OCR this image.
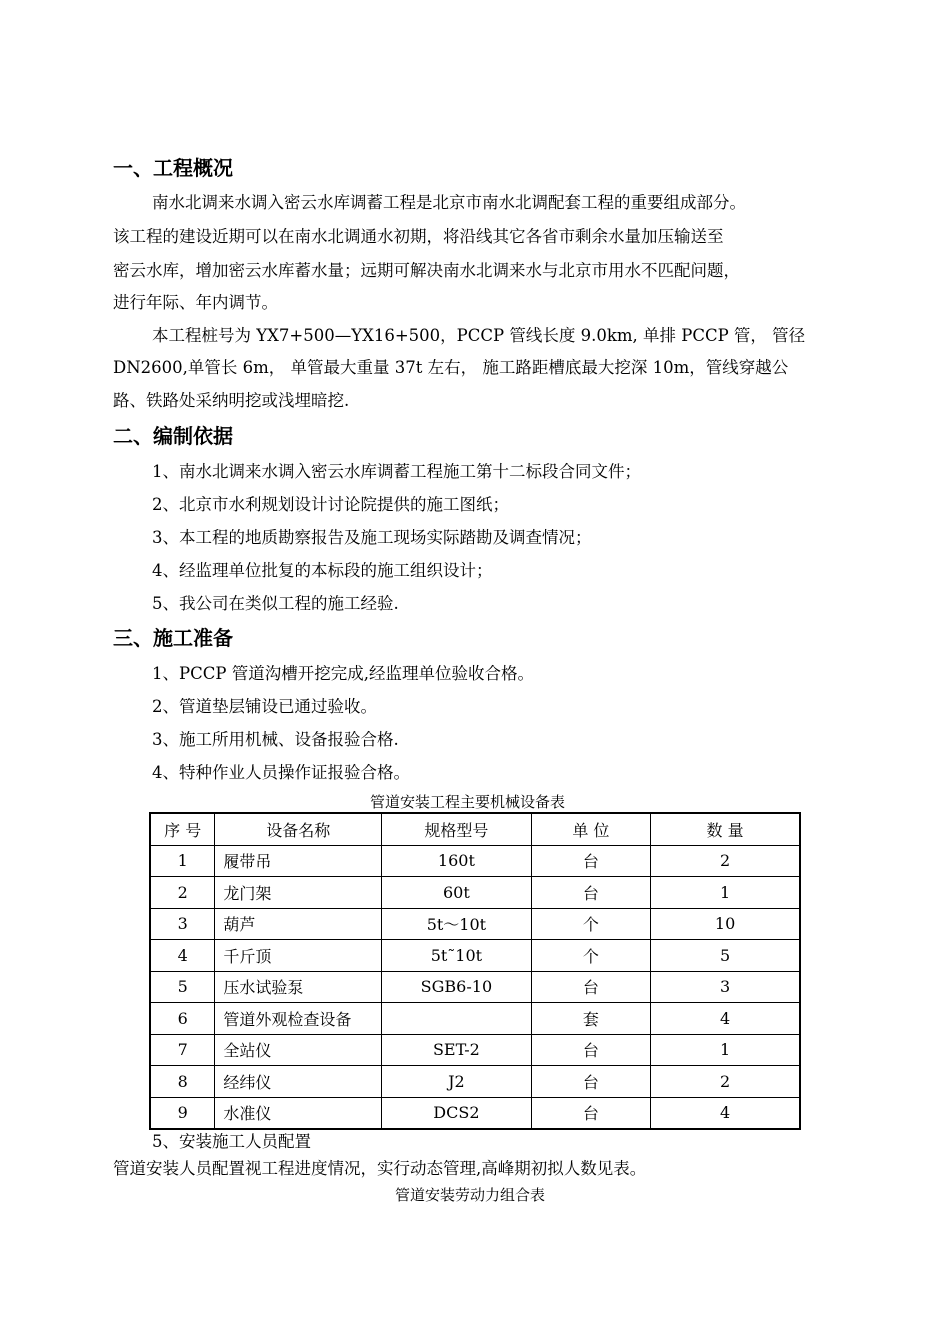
一、工程概况
南水北调来水调入密云水库调蓄工程是北京市南水北调配套工程的重要组成部分。
该工程的建设近期可以在南水北调通水初期，将沿线其它各省市剩余水量加压输送至
密云水库，增加密云水库蓄水量；远期可解决南水北调来水与北京市用水不匹配问题，
进行年际、年内调节。
本工程桩号为 YX7+500—YX16+500，PCCP 管线长度 9.0km, 单排 PCCP 管， 管径
DN2600,单管长 6m， 单管最大重量 37t 左右， 施工路距槽底最大挖深 10m，管线穿越公
路、铁路处采纳明挖或浅埋暗挖.
二、编制依据
1、南水北调来水调入密云水库调蓄工程施工第十二标段合同文件；
2、北京市水利规划设计讨论院提供的施工图纸；
3、本工程的地质勘察报告及施工现场实际踏勘及调查情况；
4、经监理单位批复的本标段的施工组织设计；
5、我公司在类似工程的施工经验.
三、施工准备
1、PCCP 管道沟槽开挖完成,经监理单位验收合格。
2、管道垫层铺设已通过验收。
3、施工所用机械、设备报验合格.
4、特种作业人员操作证报验合格。
管道安装工程主要机械设备表
序 号	设备名称	规格型号	单 位	数 量
1	履带吊	160t	台	2
2	龙门架	60t	台	1
3	葫芦	5t～10t	个	10
4	千斤顶	5t˜10t	个	5
5	压水试验泵	SGB6-10	台	3
6	管道外观检查设备		套	4
7	全站仪	SET-2	台	1
8	经纬仪	J2	台	2
9	水准仪	DCS2	台	4
5、安装施工人员配置
管道安装人员配置视工程进度情况，实行动态管理,高峰期初拟人数见表。
管道安装劳动力组合表
